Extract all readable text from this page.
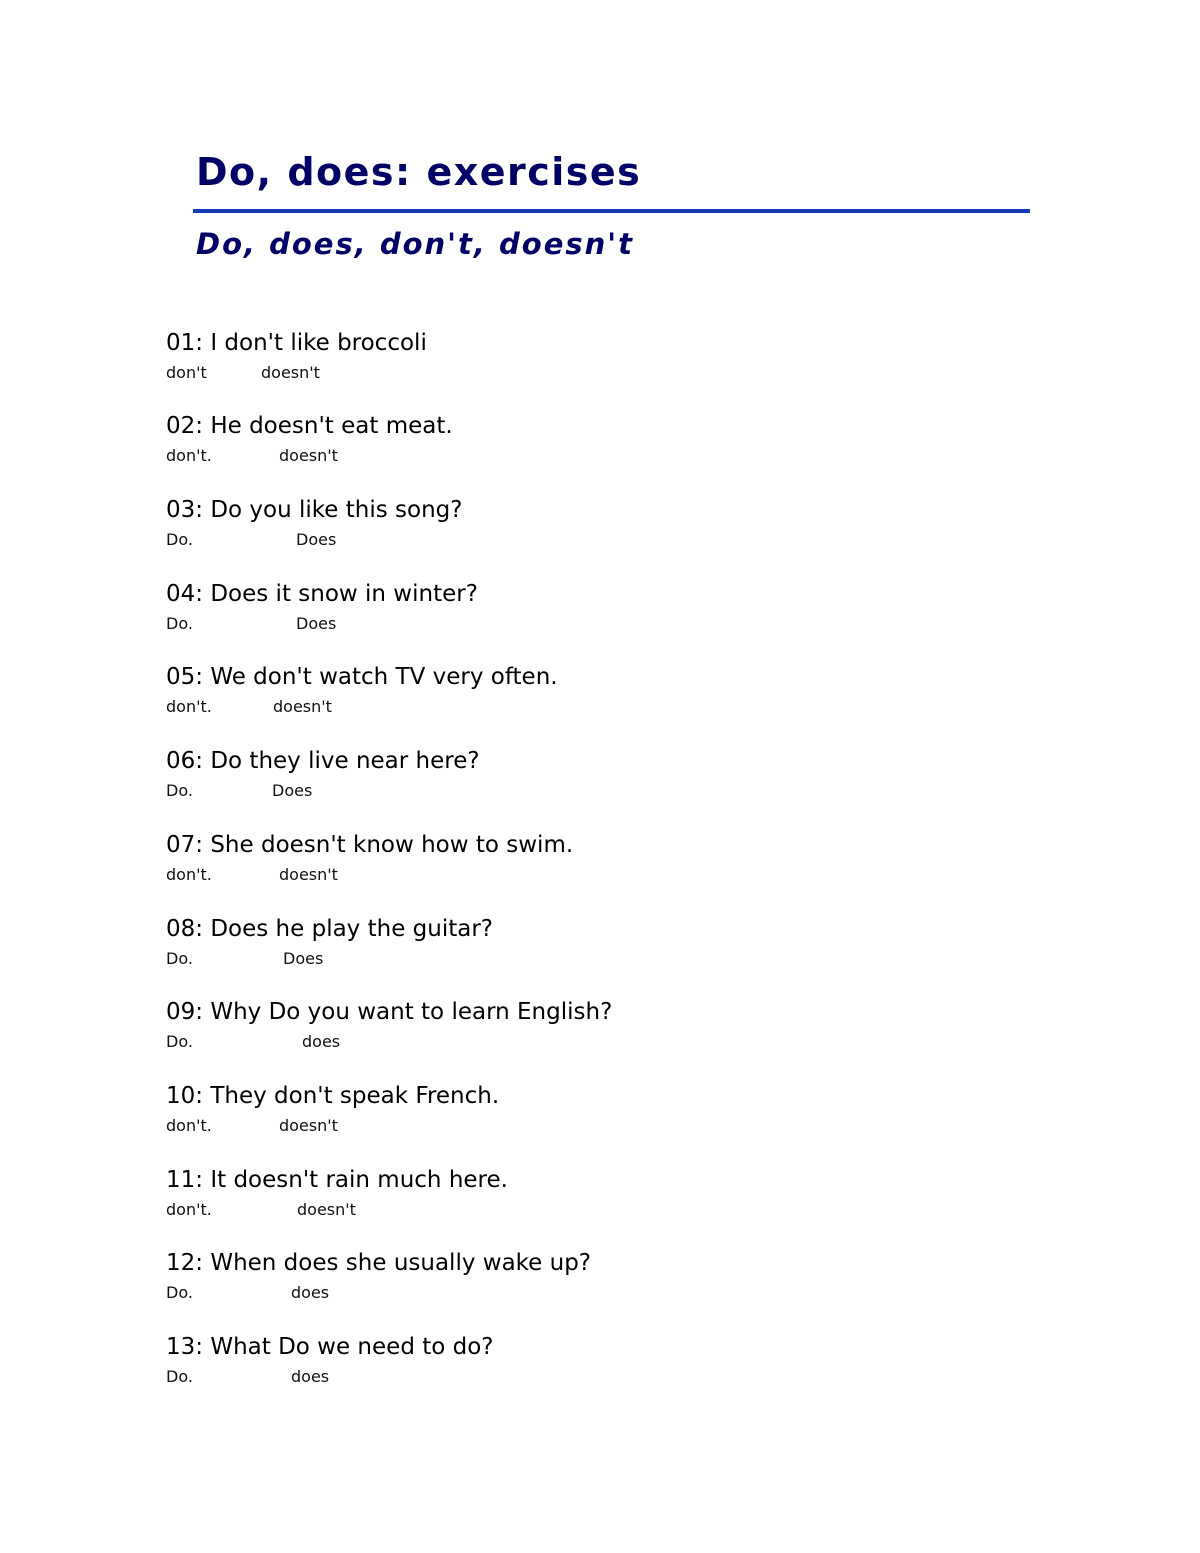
Do, does: exercises
Do, does, don't, doesn't
01: I don't like broccoli
don't	doesn't
02: He doesn't eat meat.
don't.	doesn't
03: Do you like this song?
Do.	Does
04: Does it snow in winter?
Do.	Does
05: We don't watch TV very often.
don't.	doesn't
06: Do they live near here?
Do.	Does
07: She doesn't know how to swim.
don't.	doesn't
08: Does he play the guitar?
Do.	Does
09: Why Do you want to learn English?
Do.	does
10: They don't speak French.
don't.	doesn't
11: It doesn't rain much here.
don't.	doesn't
12: When does she usually wake up?
Do.	does
13: What Do we need to do?
Do.	does
